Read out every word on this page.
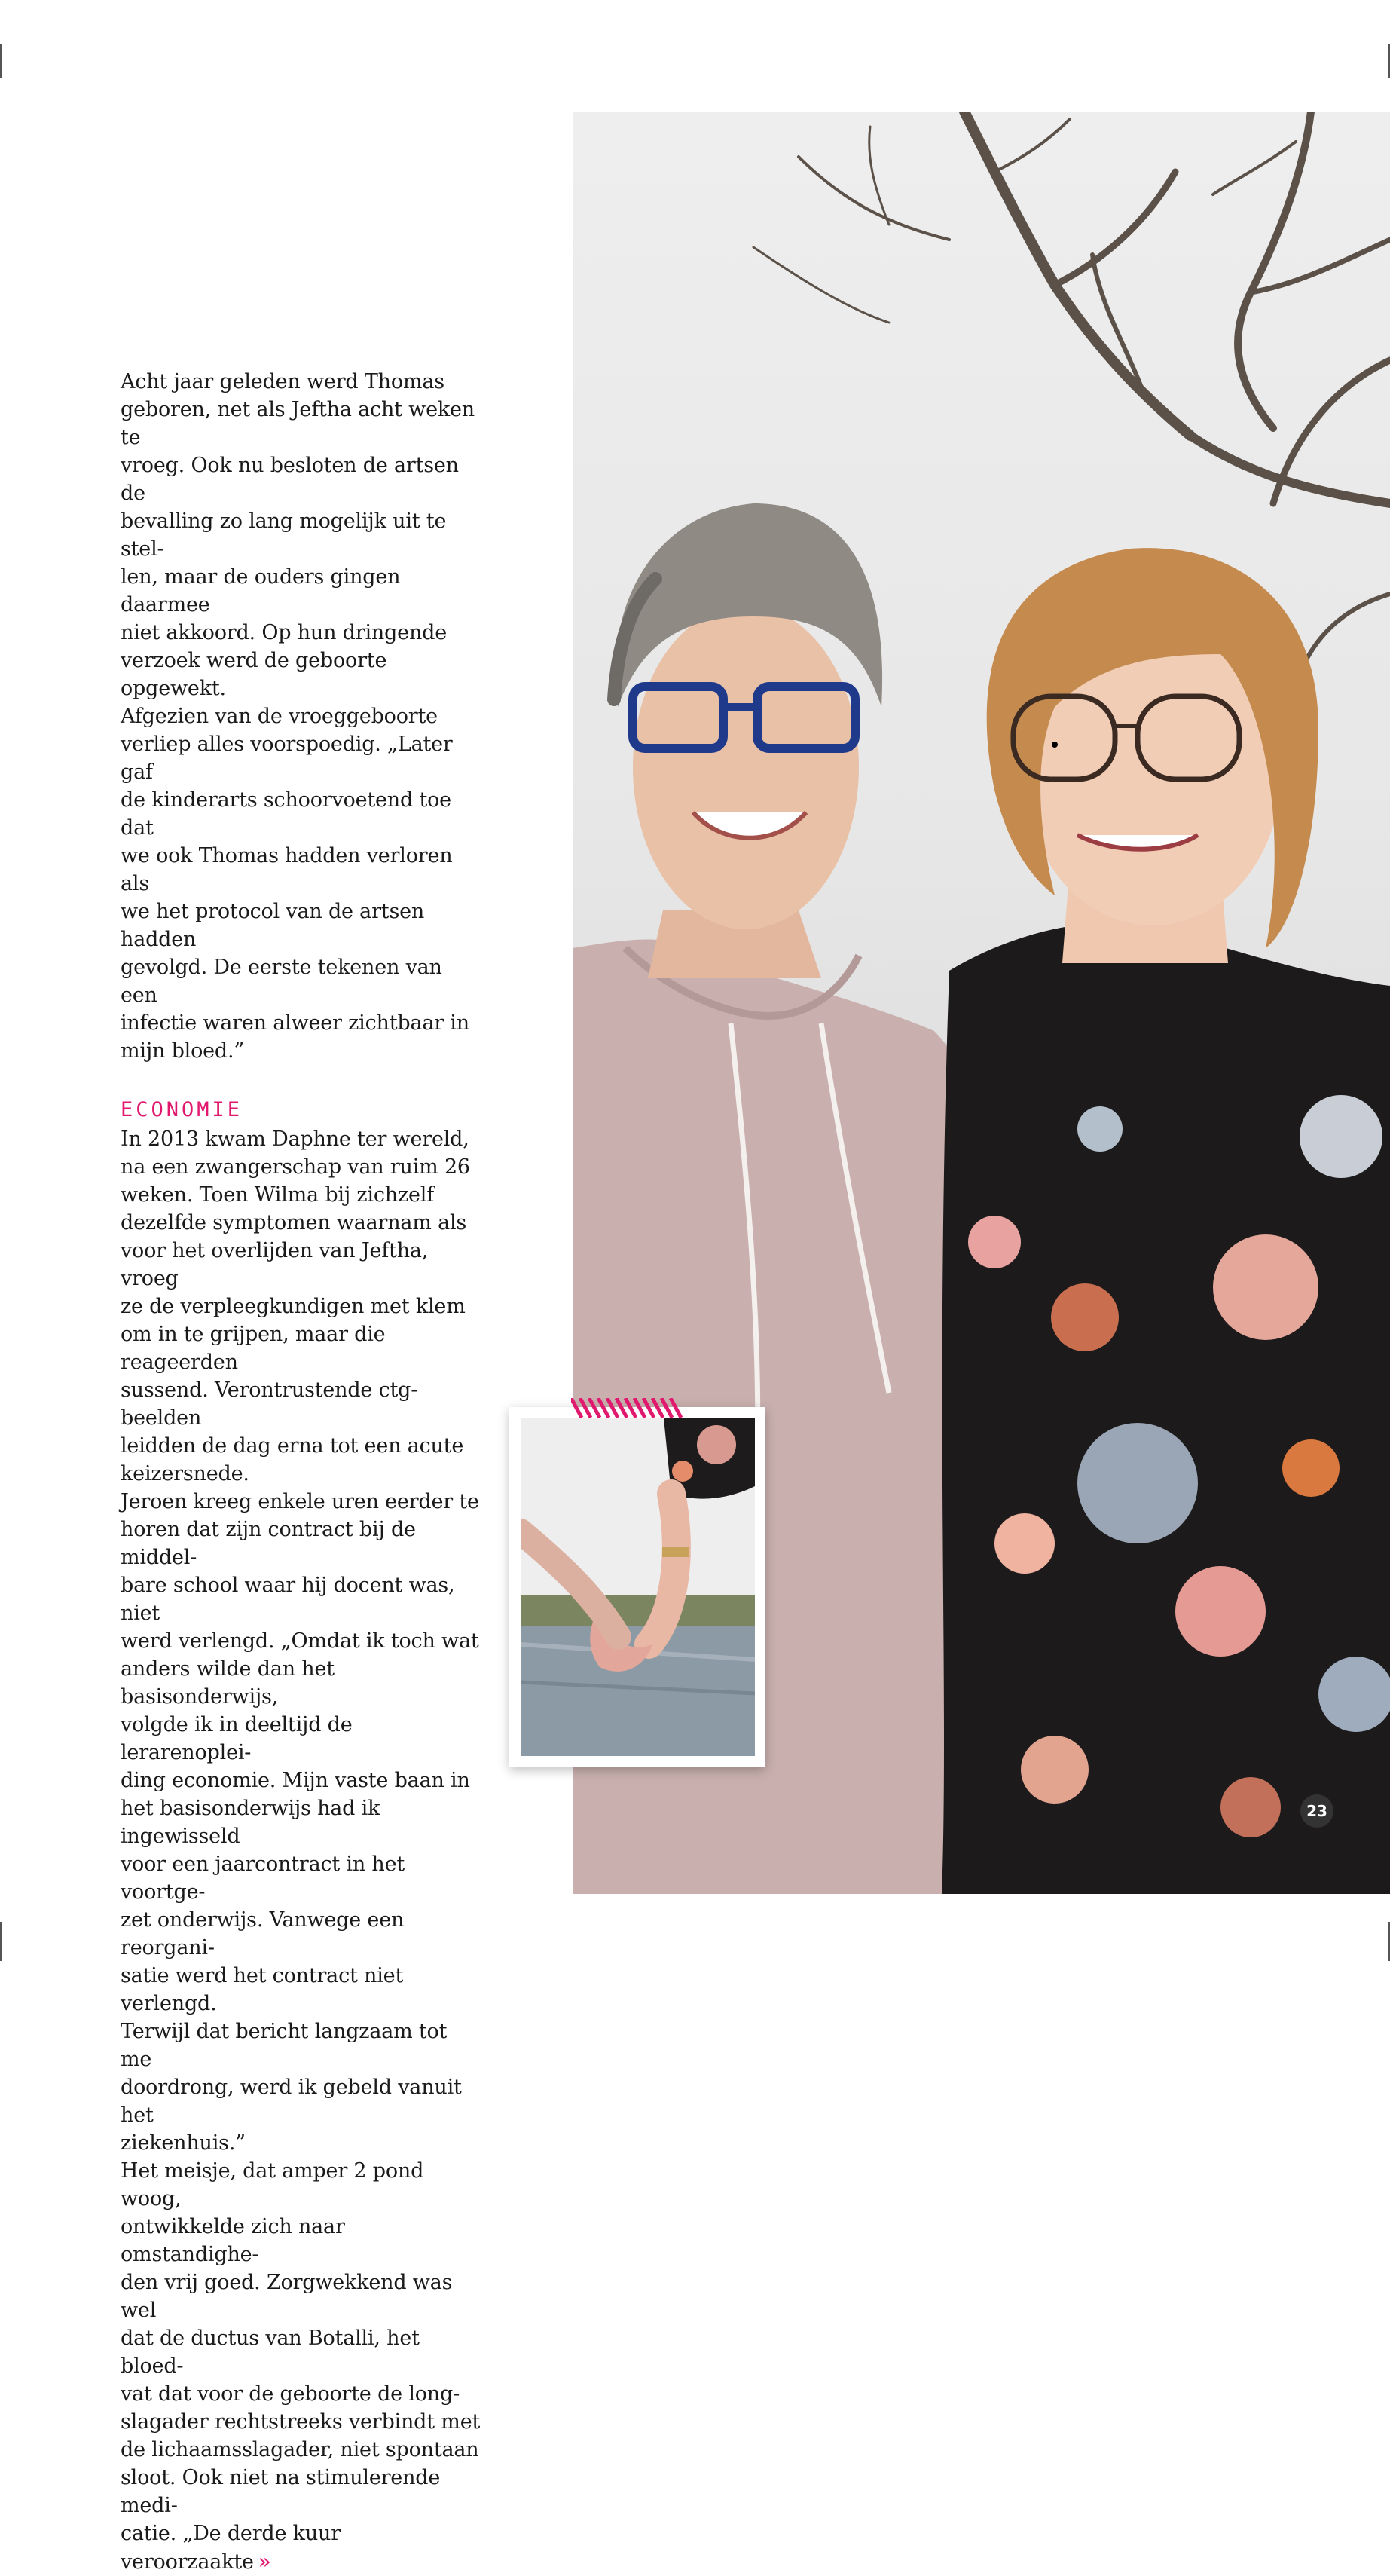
Acht jaar geleden werd Thomas
geboren, net als Jeftha acht weken te
vroeg. Ook nu besloten de artsen de
bevalling zo lang mogelijk uit te stel-
len, maar de ouders gingen daarmee
niet akkoord. Op hun dringende
verzoek werd de geboorte opgewekt.
Afgezien van de vroeggeboorte
verliep alles voorspoedig. „Later gaf
de kinderarts schoorvoetend toe dat
we ook Thomas hadden verloren als
we het protocol van de artsen hadden
gevolgd. De eerste tekenen van een
infectie waren alweer zichtbaar in
mijn bloed.”

ECONOMIE

In 2013 kwam Daphne ter wereld,
na een zwangerschap van ruim 26
weken. Toen Wilma bij zichzelf
dezelfde symptomen waarnam als
voor het overlijden van Jeftha, vroeg
ze de verpleegkundigen met klem
om in te grijpen, maar die reageerden
sussend. Verontrustende ctg-beelden
leidden de dag erna tot een acute
keizersnede.

Jeroen kreeg enkele uren eerder te
horen dat zijn contract bij de middel-
bare school waar hij docent was, niet
werd verlengd. „Omdat ik toch wat
anders wilde dan het basisonderwijs,
volgde ik in deeltijd de lerarenoplei-
ding economie. Mijn vaste baan in
het basisonderwijs had ik ingewisseld
voor een jaarcontract in het voortge-
zet onderwijs. Vanwege een reorgani-
satie werd het contract niet verlengd.
Terwijl dat bericht langzaam tot me
doordrong, werd ik gebeld vanuit het
ziekenhuis.”

Het meisje, dat amper 2 pond woog,
ontwikkelde zich naar omstandighe-
den vrij goed. Zorgwekkend was wel
dat de ductus van Botalli, het bloed-
vat dat voor de geboorte de long-
slagader rechtstreeks verbindt met
de lichaamsslagader, niet spontaan
sloot. Ook niet na stimulerende medi-
catie. „De derde kuur veroorzaakte »

23
